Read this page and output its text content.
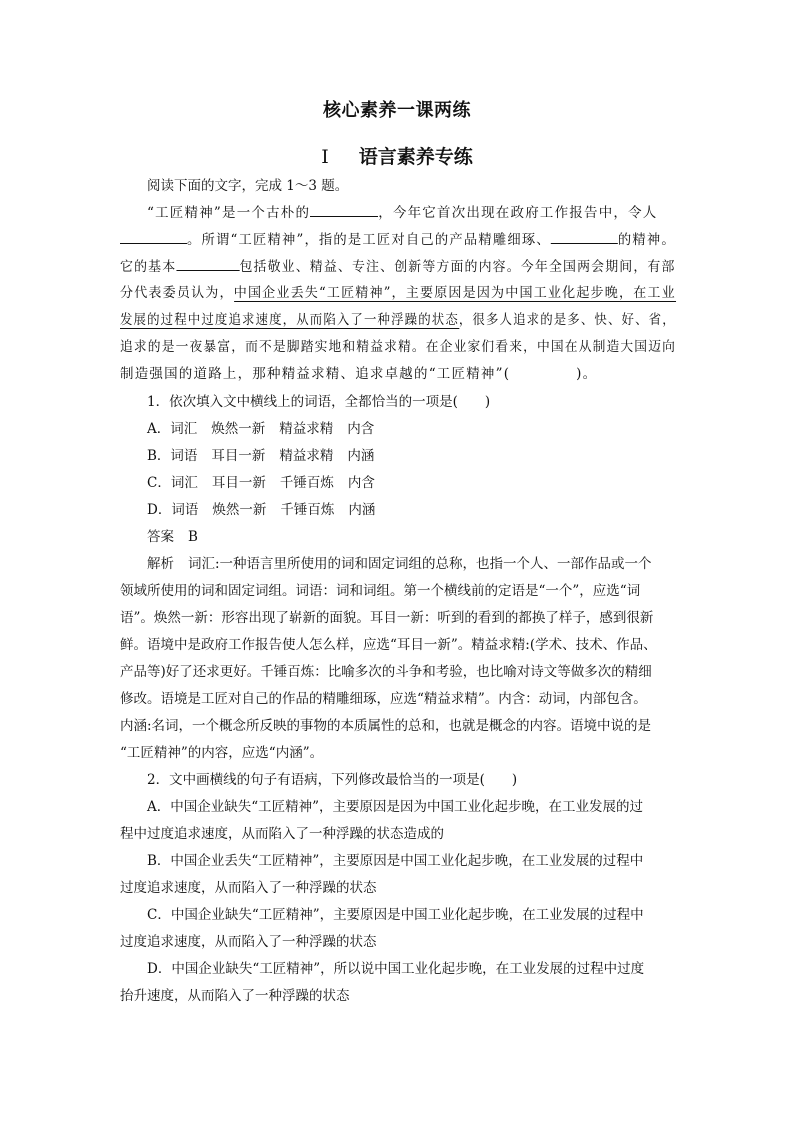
核心素养一课两练
Ⅰ 语言素养专练
阅读下面的文字，完成 1～3 题。
“工匠精神”是一个古朴的	，今年它首次出现在政府工作报告中，令人
。所谓“工匠精神”，指的是工匠对自己的产品精雕细琢、	的精神。
它的基本	包括敬业、精益、专注、创新等方面的内容。今年全国两会期间，有部
分代表委员认为，中国企业丢失“工匠精神”，主要原因是因为中国工业化起步晚，在工业
发展的过程中过度追求速度，从而陷入了一种浮躁的状态，很多人追求的是多、快、好、省，
追求的是一夜暴富，而不是脚踏实地和精益求精。在企业家们看来，中国在从制造大国迈向
制造强国的道路上，那种精益求精、追求卓越的“工匠精神”(	)。
1．依次填入文中横线上的词语，全都恰当的一项是(　　)
A．词汇 焕然一新 精益求精 内含
B．词语 耳目一新 精益求精 内涵
C．词汇 耳目一新 千锤百炼 内含
D．词语 焕然一新 千锤百炼 内涵
答案 B
解析 词汇:一种语言里所使用的词和固定词组的总称，也指一个人、一部作品或一个
领域所使用的词和固定词组。词语：词和词组。第一个横线前的定语是“一个”，应选“词
语”。焕然一新：形容出现了崭新的面貌。耳目一新：听到的看到的都换了样子，感到很新
鲜。语境中是政府工作报告使人怎么样，应选“耳目一新”。精益求精:(学术、技术、作品、
产品等)好了还求更好。千锤百炼：比喻多次的斗争和考验，也比喻对诗文等做多次的精细
修改。语境是工匠对自己的作品的精雕细琢，应选“精益求精”。内含：动词，内部包含。
内涵:名词，一个概念所反映的事物的本质属性的总和，也就是概念的内容。语境中说的是
“工匠精神”的内容，应选“内涵”。
2．文中画横线的句子有语病，下列修改最恰当的一项是(　　)
A．中国企业缺失“工匠精神”，主要原因是因为中国工业化起步晚，在工业发展的过
程中过度追求速度，从而陷入了一种浮躁的状态造成的
B．中国企业丢失“工匠精神”，主要原因是中国工业化起步晚，在工业发展的过程中
过度追求速度，从而陷入了一种浮躁的状态
C．中国企业缺失“工匠精神”，主要原因是中国工业化起步晚，在工业发展的过程中
过度追求速度，从而陷入了一种浮躁的状态
D．中国企业缺失“工匠精神”，所以说中国工业化起步晚，在工业发展的过程中过度
抬升速度，从而陷入了一种浮躁的状态
